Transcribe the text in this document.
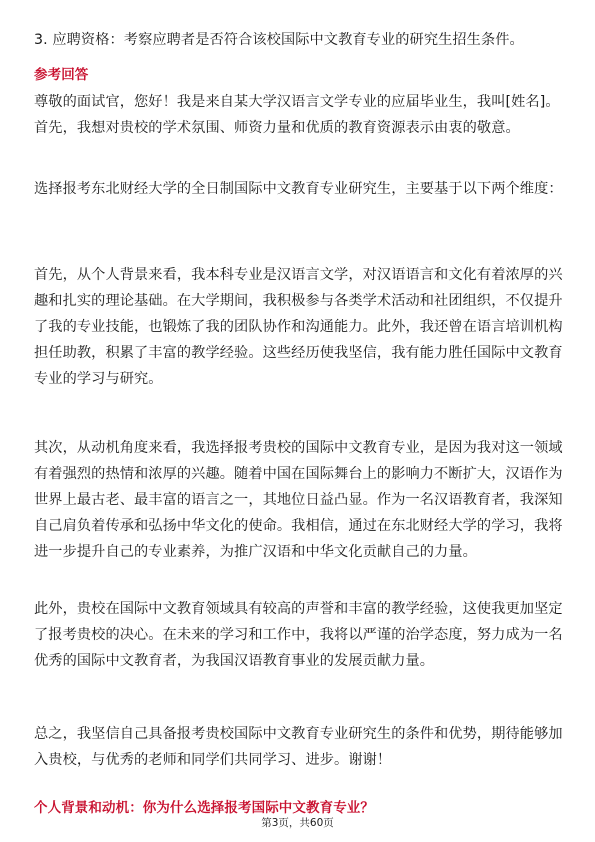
3. 应聘资格：考察应聘者是否符合该校国际中文教育专业的研究生招生条件。

参考回答

尊敬的面试官，您好！我是来自某大学汉语言文学专业的应届毕业生，我叫[姓名]。首先，我想对贵校的学术氛围、师资力量和优质的教育资源表示由衷的敬意。

选择报考东北财经大学的全日制国际中文教育专业研究生，主要基于以下两个维度：

首先，从个人背景来看，我本科专业是汉语言文学，对汉语语言和文化有着浓厚的兴趣和扎实的理论基础。在大学期间，我积极参与各类学术活动和社团组织，不仅提升了我的专业技能，也锻炼了我的团队协作和沟通能力。此外，我还曾在语言培训机构担任助教，积累了丰富的教学经验。这些经历使我坚信，我有能力胜任国际中文教育专业的学习与研究。

其次，从动机角度来看，我选择报考贵校的国际中文教育专业，是因为我对这一领域有着强烈的热情和浓厚的兴趣。随着中国在国际舞台上的影响力不断扩大，汉语作为世界上最古老、最丰富的语言之一，其地位日益凸显。作为一名汉语教育者，我深知自己肩负着传承和弘扬中华文化的使命。我相信，通过在东北财经大学的学习，我将进一步提升自己的专业素养，为推广汉语和中华文化贡献自己的力量。

此外，贵校在国际中文教育领域具有较高的声誉和丰富的教学经验，这使我更加坚定了报考贵校的决心。在未来的学习和工作中，我将以严谨的治学态度，努力成为一名优秀的国际中文教育者，为我国汉语教育事业的发展贡献力量。

总之，我坚信自己具备报考贵校国际中文教育专业研究生的条件和优势，期待能够加入贵校，与优秀的老师和同学们共同学习、进步。谢谢！

个人背景和动机：你为什么选择报考国际中文教育专业？

第3页，共60页
